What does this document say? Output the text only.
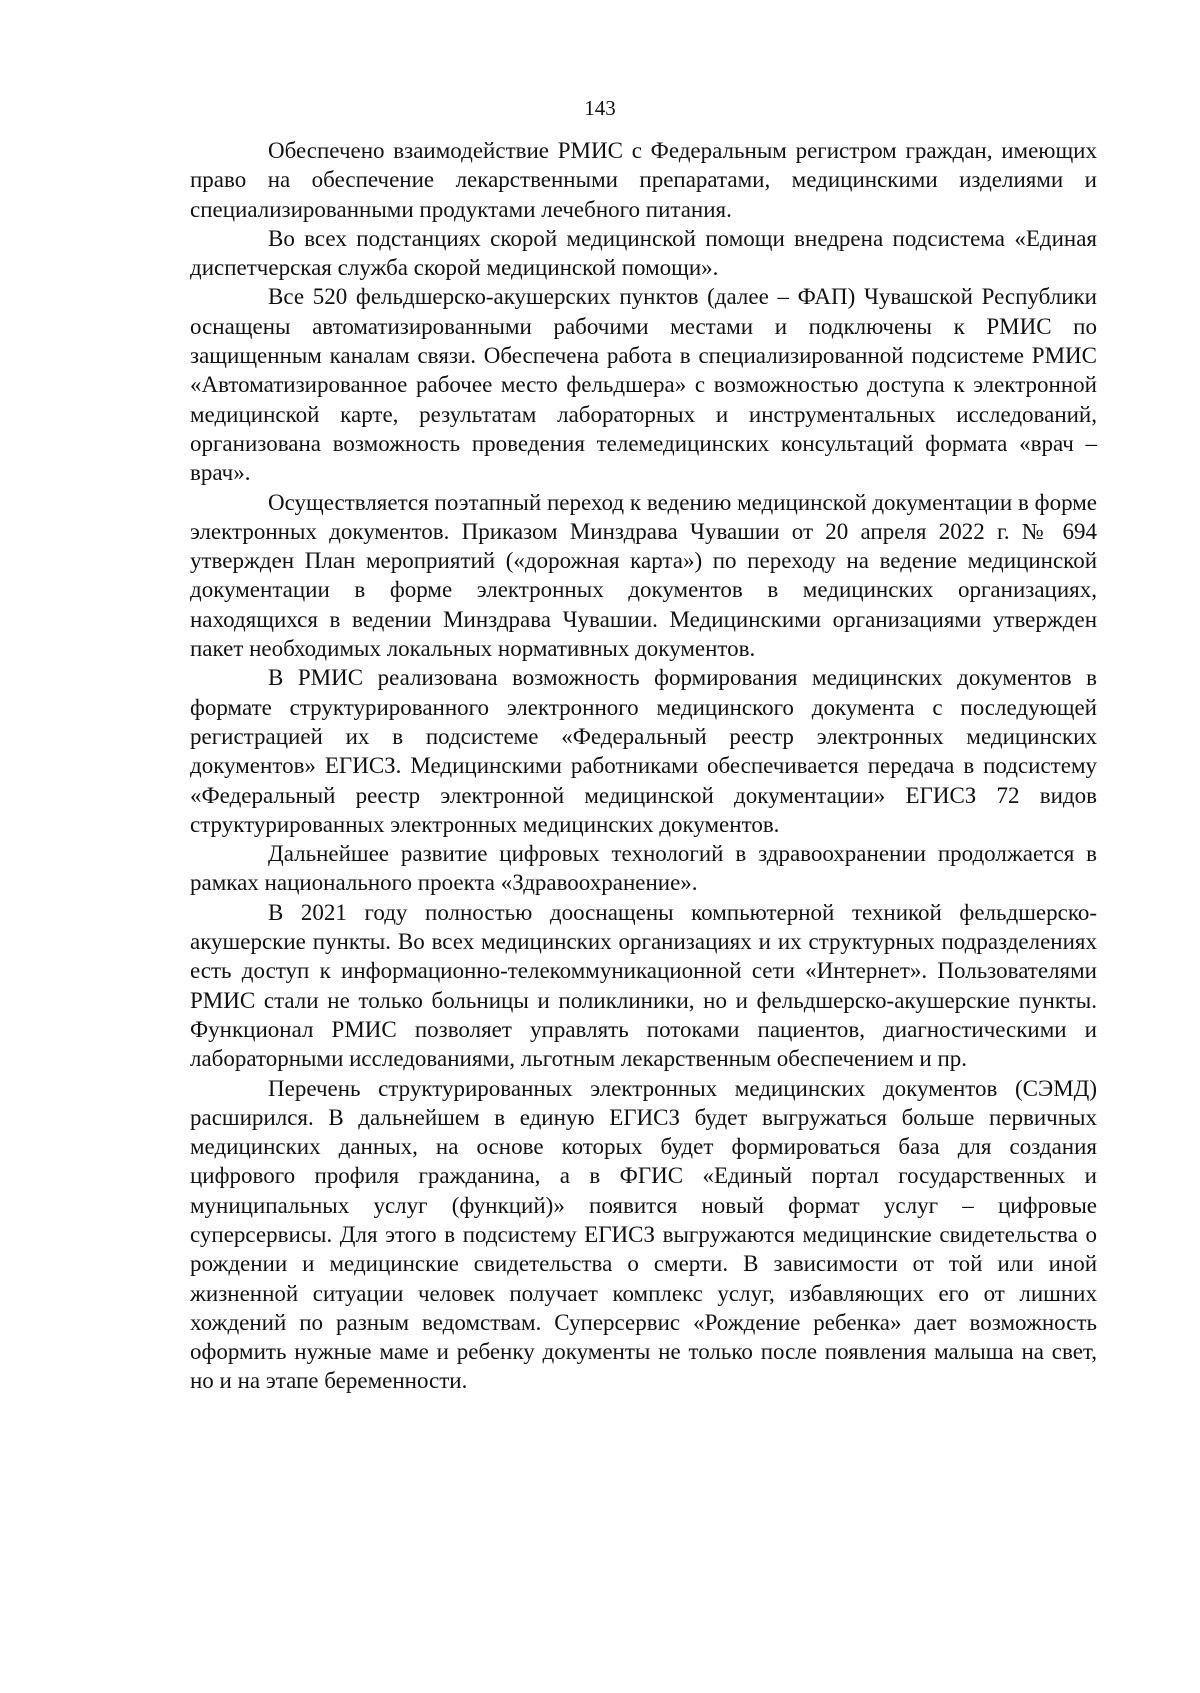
143

Обеспечено взаимодействие РМИС с Федеральным регистром граждан, имеющих право на обеспечение лекарственными препаратами, медицинскими изделиями и специализированными продуктами лечебного питания.

Во всех подстанциях скорой медицинской помощи внедрена подсистема «Единая диспетчерская служба скорой медицинской помощи».

Все 520 фельдшерско-акушерских пунктов (далее – ФАП) Чувашской Республики оснащены автоматизированными рабочими местами и подключены к РМИС по защищенным каналам связи. Обеспечена работа в специализированной подсистеме РМИС «Автоматизированное рабочее место фельдшера» с возможностью доступа к электронной медицинской карте, результатам лабораторных и инструментальных исследований, организована возможность проведения телемедицинских консультаций формата «врач – врач».

Осуществляется поэтапный переход к ведению медицинской документации в форме электронных документов. Приказом Минздрава Чувашии от 20 апреля 2022 г. № 694 утвержден План мероприятий («дорожная карта») по переходу на ведение медицинской документации в форме электронных документов в медицинских организациях, находящихся в ведении Минздрава Чувашии. Медицинскими организациями утвержден пакет необходимых локальных нормативных документов.

В РМИС реализована возможность формирования медицинских документов в формате структурированного электронного медицинского документа с последующей регистрацией их в подсистеме «Федеральный реестр электронных медицинских документов» ЕГИСЗ. Медицинскими работниками обеспечивается передача в подсистему «Федеральный реестр электронной медицинской документации» ЕГИСЗ 72 видов структурированных электронных медицинских документов.

Дальнейшее развитие цифровых технологий в здравоохранении продолжается в рамках национального проекта «Здравоохранение».

В 2021 году полностью дооснащены компьютерной техникой фельдшерско-акушерские пункты. Во всех медицинских организациях и их структурных подразделениях есть доступ к информационно-телекоммуникационной сети «Интернет». Пользователями РМИС стали не только больницы и поликлиники, но и фельдшерско-акушерские пункты. Функционал РМИС позволяет управлять потоками пациентов, диагностическими и лабораторными исследованиями, льготным лекарственным обеспечением и пр.

Перечень структурированных электронных медицинских документов (СЭМД) расширился. В дальнейшем в единую ЕГИСЗ будет выгружаться больше первичных медицинских данных, на основе которых будет формироваться база для создания цифрового профиля гражданина, а в ФГИС «Единый портал государственных и муниципальных услуг (функций)» появится новый формат услуг – цифровые суперсервисы. Для этого в подсистему ЕГИСЗ выгружаются медицинские свидетельства о рождении и медицинские свидетельства о смерти. В зависимости от той или иной жизненной ситуации человек получает комплекс услуг, избавляющих его от лишних хождений по разным ведомствам. Суперсервис «Рождение ребенка» дает возможность оформить нужные маме и ребенку документы не только после появления малыша на свет, но и на этапе беременности.
